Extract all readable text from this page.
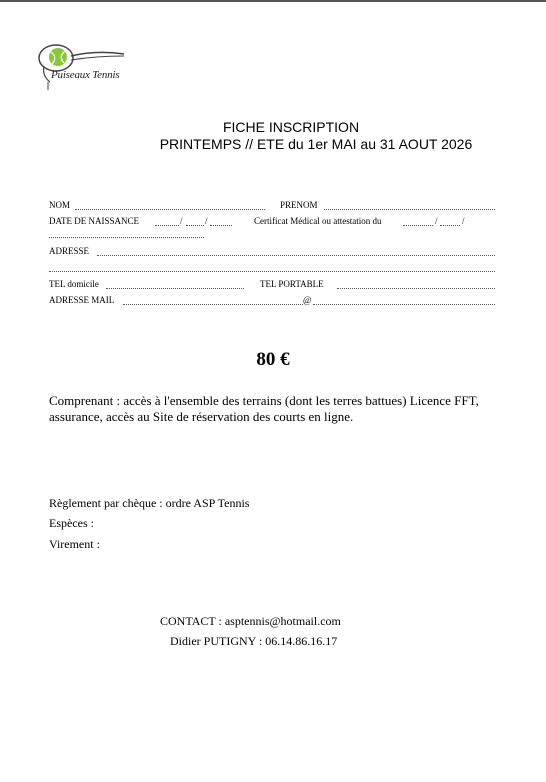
Puiseaux Tennis
FICHE INSCRIPTION
PRINTEMPS // ETE du 1er MAI au 31 AOUT 2026
NOM	PRENOM
DATE DE NAISSANCE	/ /	Certificat Médical ou attestation du	/	/
ADRESSE
TEL domicile	TEL PORTABLE
ADRESSE MAIL	@
80 €
Comprenant : accès à l'ensemble des terrains (dont les terres battues) Licence FFT, assurance, accès au Site de réservation des courts en ligne.
Règlement par chèque : ordre ASP Tennis
Espèces :
Virement :
CONTACT : asptennis@hotmail.com
Didier PUTIGNY : 06.14.86.16.17
